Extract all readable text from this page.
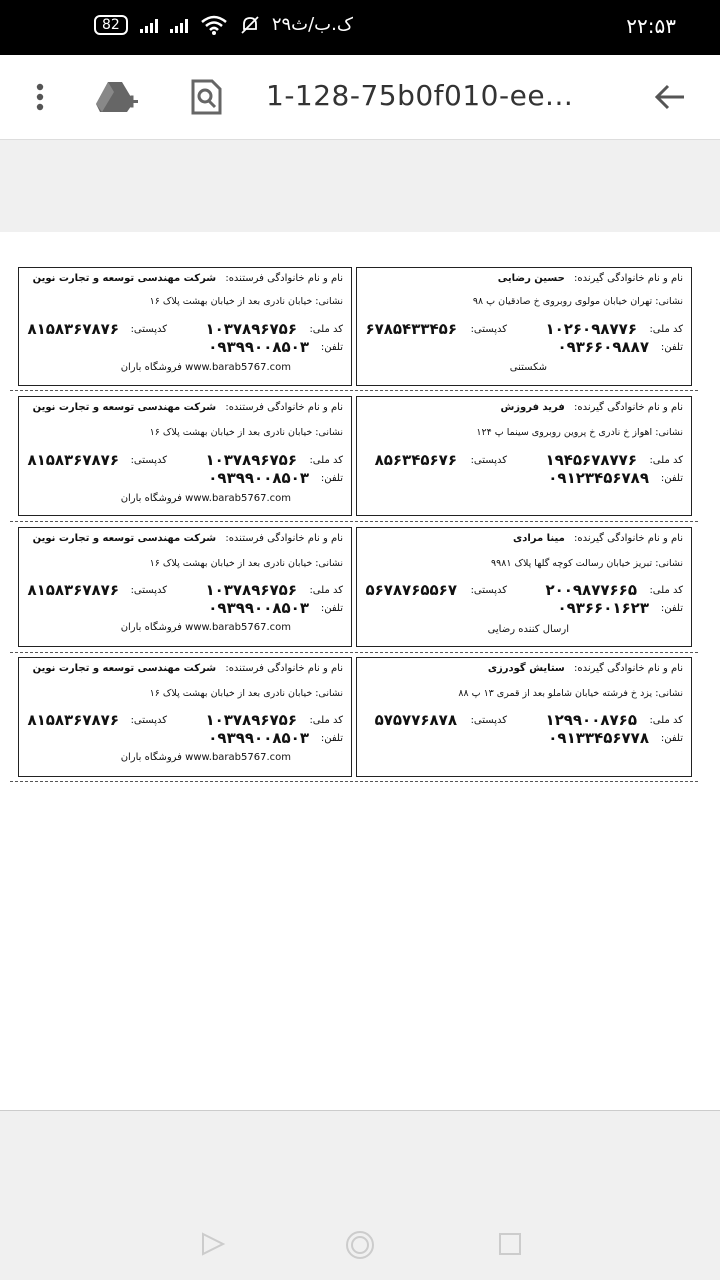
82	۲۹ک.ب/ث	۲۲:۵۳
1-128-75b0f010-ee...
نام و نام خانوادگی گیرنده: حسین رضایی
نشانی: تهران خیابان مولوی روبروی خ صادقیان پ ۹۸
کد ملی:
۱۰۲۶۰۹۸۷۷۶
کدپستی:
۶۷۸۵۴۳۳۴۵۶
تلفن:
۰۹۳۶۶۰۹۸۸۷
شکستنی
نام و نام خانوادگی فرستنده: شرکت مهندسی توسعه و تجارت نوین
نشانی: خیابان نادری بعد از خیابان بهشت پلاک ۱۶
کد ملی:
۱۰۳۷۸۹۶۷۵۶
کدپستی:
۸۱۵۸۳۶۷۸۷۶
تلفن:
۰۹۳۹۹۰۰۸۵۰۳
www.barab5767.com فروشگاه باران
نام و نام خانوادگی گیرنده: فرید فروزش
نشانی: اهواز خ نادری خ پروین روبروی سینما پ ۱۲۴
کد ملی:
۱۹۴۵۶۷۸۷۷۶
کدپستی:
۸۵۶۳۴۵۶۷۶
تلفن:
۰۹۱۲۳۴۵۶۷۸۹
نام و نام خانوادگی فرستنده: شرکت مهندسی توسعه و تجارت نوین
نشانی: خیابان نادری بعد از خیابان بهشت پلاک ۱۶
کد ملی:
۱۰۳۷۸۹۶۷۵۶
کدپستی:
۸۱۵۸۳۶۷۸۷۶
تلفن:
۰۹۳۹۹۰۰۸۵۰۳
www.barab5767.com فروشگاه باران
نام و نام خانوادگی گیرنده: مینا مرادی
نشانی: تبریز خیابان رسالت کوچه گلها پلاک ۹۹۸۱
کد ملی:
۲۰۰۹۸۷۷۶۶۵
کدپستی:
۵۶۷۸۷۶۵۵۶۷
تلفن:
۰۹۳۶۶۰۱۶۲۳
ارسال کننده رضایی
نام و نام خانوادگی فرستنده: شرکت مهندسی توسعه و تجارت نوین
نشانی: خیابان نادری بعد از خیابان بهشت پلاک ۱۶
کد ملی:
۱۰۳۷۸۹۶۷۵۶
کدپستی:
۸۱۵۸۳۶۷۸۷۶
تلفن:
۰۹۳۹۹۰۰۸۵۰۳
www.barab5767.com فروشگاه باران
نام و نام خانوادگی گیرنده: ستایش گودرزی
نشانی: یزد خ فرشته خیابان شاملو بعد از قمری ۱۳ پ ۸۸
کد ملی:
۱۲۹۹۰۰۸۷۶۵
کدپستی:
۵۷۵۷۷۶۸۷۸
تلفن:
۰۹۱۳۳۴۵۶۷۷۸
نام و نام خانوادگی فرستنده: شرکت مهندسی توسعه و تجارت نوین
نشانی: خیابان نادری بعد از خیابان بهشت پلاک ۱۶
کد ملی:
۱۰۳۷۸۹۶۷۵۶
کدپستی:
۸۱۵۸۳۶۷۸۷۶
تلفن:
۰۹۳۹۹۰۰۸۵۰۳
www.barab5767.com فروشگاه باران
